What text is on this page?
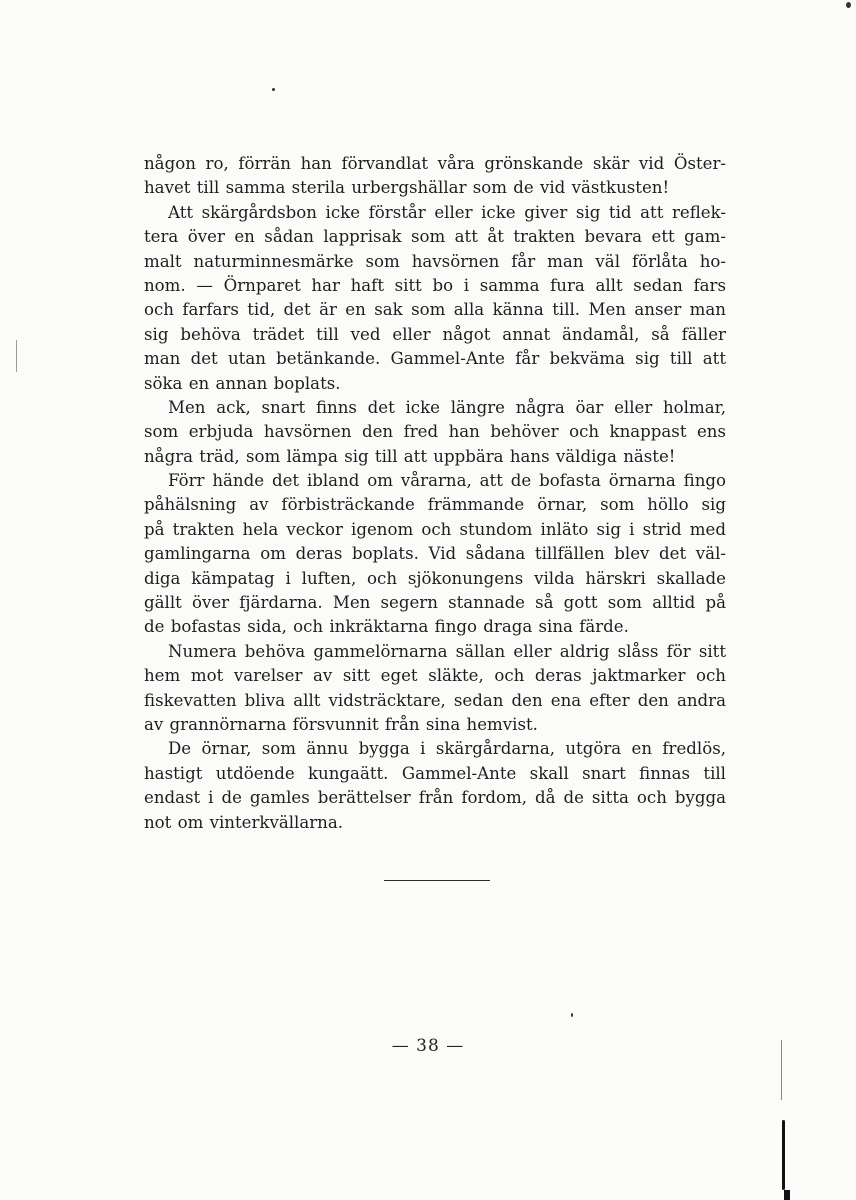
någon ro, förrän han förvandlat våra grönskande skär vid Öster-
havet till samma sterila urbergshällar som de vid västkusten!
Att skärgårdsbon icke förstår eller icke giver sig tid att reflek-
tera över en sådan lapprisak som att åt trakten bevara ett gam-
malt naturminnesmärke som havsörnen får man väl förlåta ho-
nom. — Örnparet har haft sitt bo i samma fura allt sedan fars
och farfars tid, det är en sak som alla känna till. Men anser man
sig behöva trädet till ved eller något annat ändamål, så fäller
man det utan betänkande. Gammel-Ante får bekväma sig till att
söka en annan boplats.
Men ack, snart finns det icke längre några öar eller holmar,
som erbjuda havsörnen den fred han behöver och knappast ens
några träd, som lämpa sig till att uppbära hans väldiga näste!
Förr hände det ibland om vårarna, att de bofasta örnarna fingo
påhälsning av förbisträckande främmande örnar, som höllo sig
på trakten hela veckor igenom och stundom inläto sig i strid med
gamlingarna om deras boplats. Vid sådana tillfällen blev det väl-
diga kämpatag i luften, och sjökonungens vilda härskri skallade
gällt över fjärdarna. Men segern stannade så gott som alltid på
de bofastas sida, och inkräktarna fingo draga sina färde.
Numera behöva gammelörnarna sällan eller aldrig slåss för sitt
hem mot varelser av sitt eget släkte, och deras jaktmarker och
fiskevatten bliva allt vidsträcktare, sedan den ena efter den andra
av grannörnarna försvunnit från sina hemvist.
De örnar, som ännu bygga i skärgårdarna, utgöra en fredlös,
hastigt utdöende kungaätt. Gammel-Ante skall snart finnas till
endast i de gamles berättelser från fordom, då de sitta och bygga
not om vinterkvällarna.
— 38 —
